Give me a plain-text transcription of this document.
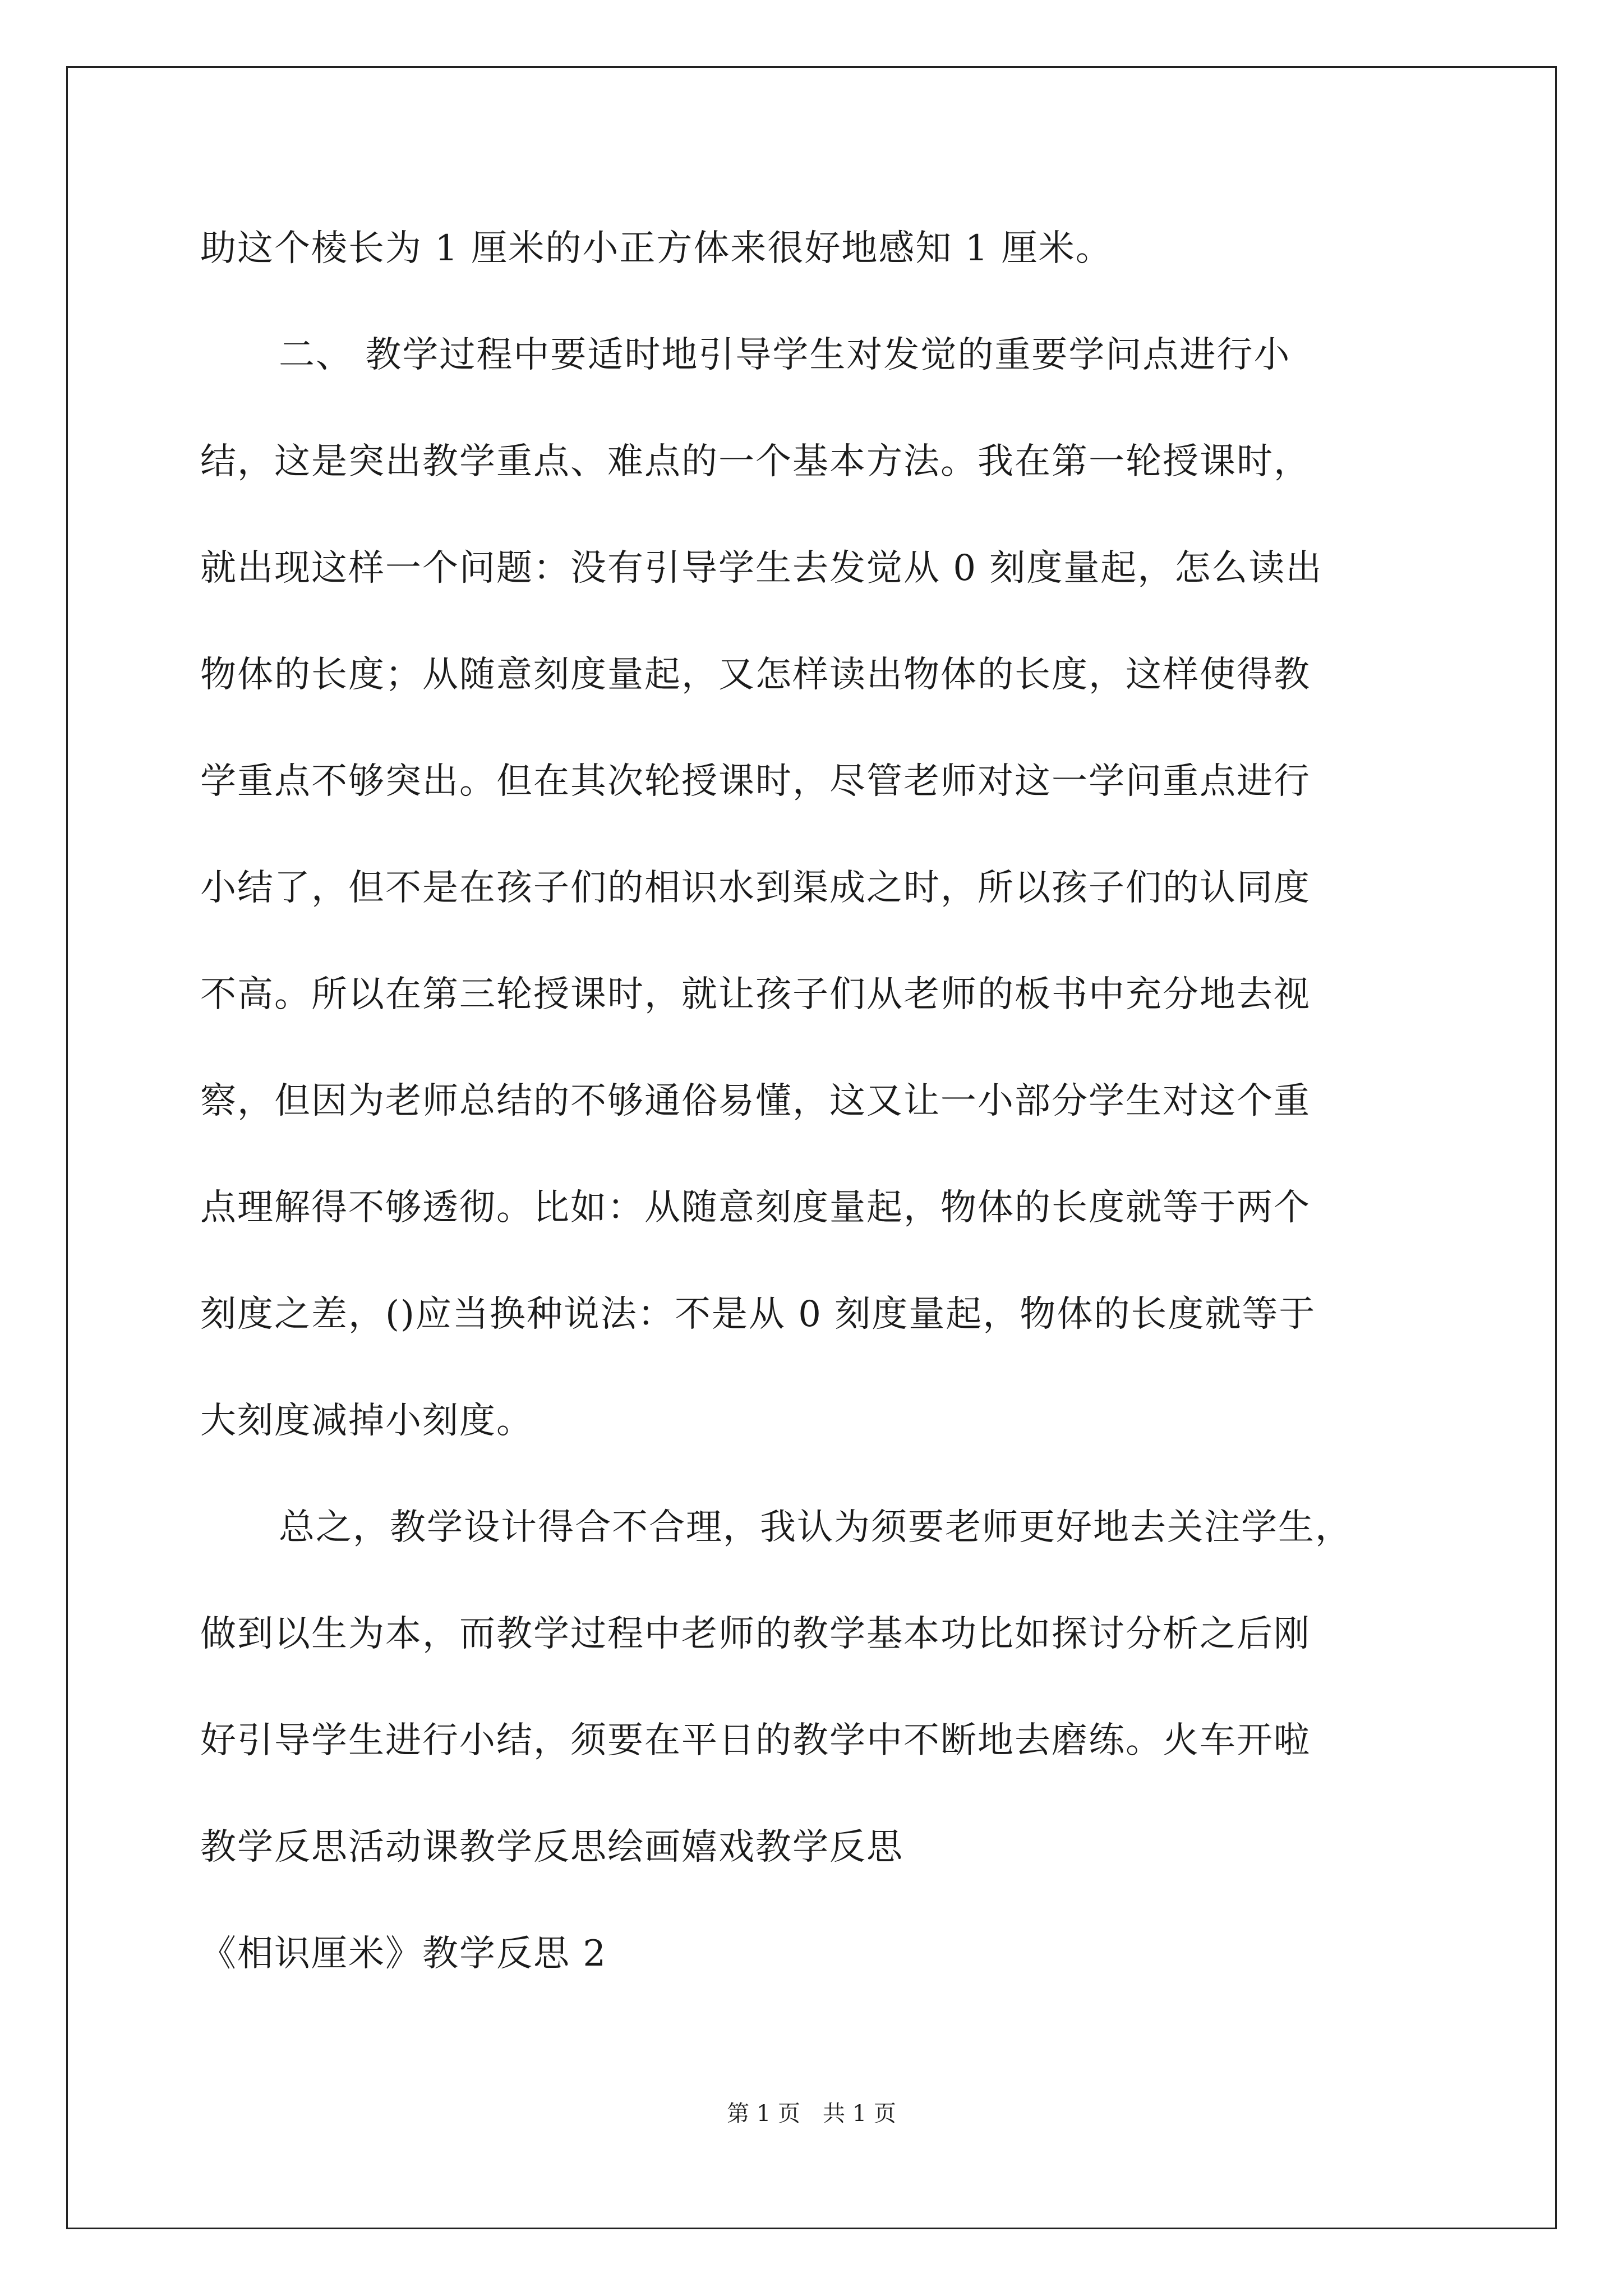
助这个棱长为 1 厘米的小正方体来很好地感知 1 厘米。
二、 教学过程中要适时地引导学生对发觉的重要学问点进行小
结，这是突出教学重点、难点的一个基本方法。我在第一轮授课时，
就出现这样一个问题：没有引导学生去发觉从 0 刻度量起，怎么读出
物体的长度；从随意刻度量起，又怎样读出物体的长度，这样使得教
学重点不够突出。但在其次轮授课时，尽管老师对这一学问重点进行
小结了，但不是在孩子们的相识水到渠成之时，所以孩子们的认同度
不高。所以在第三轮授课时，就让孩子们从老师的板书中充分地去视
察，但因为老师总结的不够通俗易懂，这又让一小部分学生对这个重
点理解得不够透彻。比如：从随意刻度量起，物体的长度就等于两个
刻度之差，()应当换种说法：不是从 0 刻度量起，物体的长度就等于
大刻度减掉小刻度。
总之，教学设计得合不合理，我认为须要老师更好地去关注学生，
做到以生为本，而教学过程中老师的教学基本功比如探讨分析之后刚
好引导学生进行小结，须要在平日的教学中不断地去磨练。火车开啦
教学反思活动课教学反思绘画嬉戏教学反思
《相识厘米》教学反思 2
第 1 页　共 1 页
